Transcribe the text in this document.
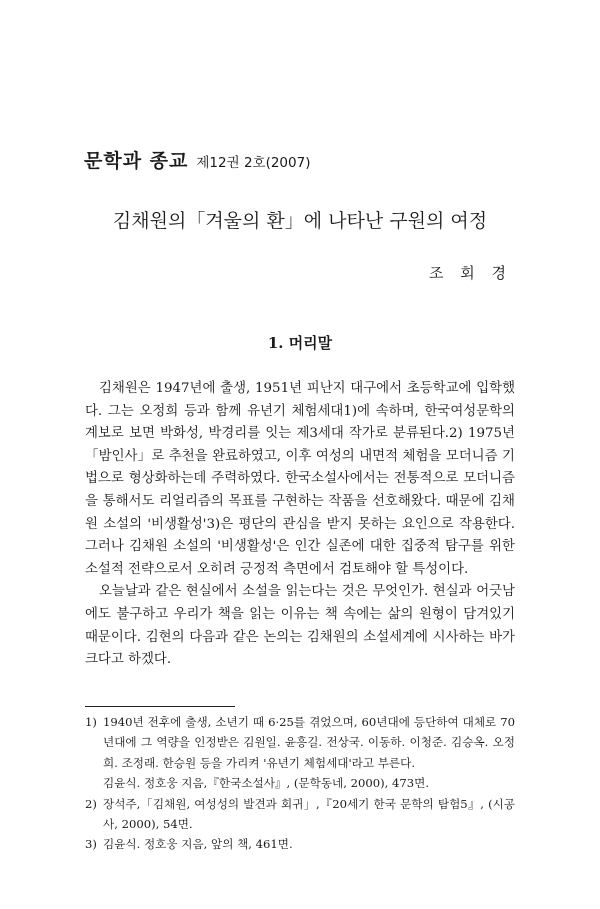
문학과 종교 제12권 2호(2007)
김채원의「겨울의 환」에 나타난 구원의 여정
조 회 경
1. 머리말

김채원은 1947년에 출생, 1951년 피난지 대구에서 초등학교에 입학했다. 그는 오정희 등과 함께 유년기 체험세대1)에 속하며, 한국여성문학의 계보로 보면 박화성, 박경리를 잇는 제3세대 작가로 분류된다.2) 1975년「밤인사」로 추천을 완료하였고, 이후 여성의 내면적 체험을 모더니즘 기법으로 형상화하는데 주력하였다. 한국소설사에서는 전통적으로 모더니즘을 통해서도 리얼리즘의 목표를 구현하는 작품을 선호해왔다. 때문에 김채원 소설의 '비생활성'3)은 평단의 관심을 받지 못하는 요인으로 작용한다. 그러나 김채원 소설의 '비생활성'은 인간 실존에 대한 집중적 탐구를 위한 소설적 전략으로서 오히려 긍정적 측면에서 검토해야 할 특성이다.

오늘날과 같은 현실에서 소설을 읽는다는 것은 무엇인가. 현실과 어긋남에도 불구하고 우리가 책을 읽는 이유는 책 속에는 삶의 원형이 담겨있기 때문이다. 김현의 다음과 같은 논의는 김채원의 소설세계에 시사하는 바가 크다고 하겠다.

1) 1940년 전후에 출생, 소년기 때 6·25를 겪었으며, 60년대에 등단하여 대체로 70년대에 그 역량을 인정받은 김원일. 윤흥길. 전상국. 이동하. 이청준. 김승옥. 오정희. 조정래. 한승원 등을 가리켜 '유년기 체험세대'라고 부른다.
김윤식. 정호웅 지음,『한국소설사』, (문학동네, 2000), 473면.
2) 장석주,「김채원, 여성성의 발견과 회귀」,『20세기 한국 문학의 탐험5』, (시공사, 2000), 54면.
3) 김윤식. 정호웅 지음, 앞의 책, 461면.
